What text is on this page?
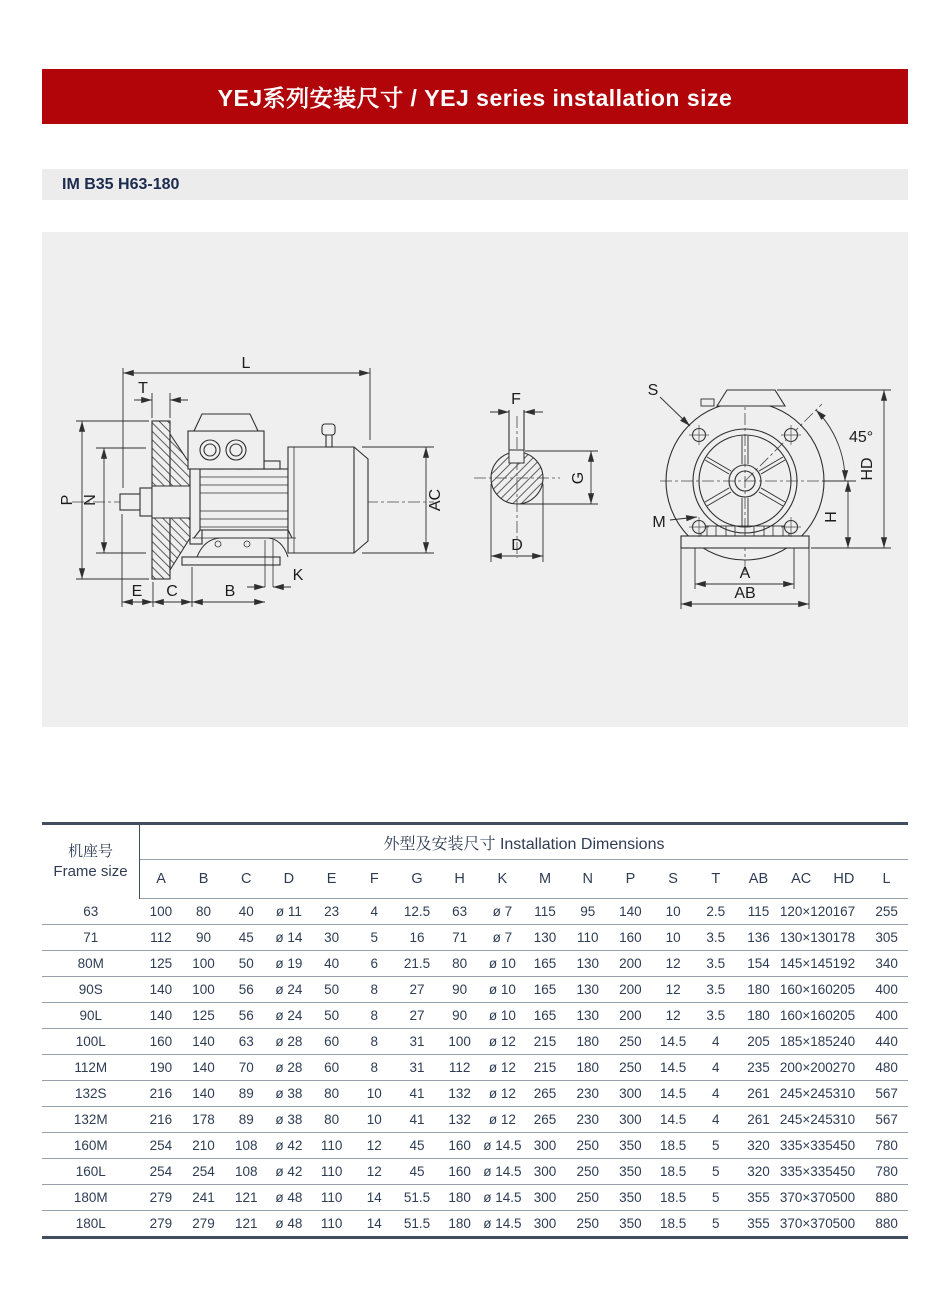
YEJ系列安装尺寸 / YEJ series installation size
IM B35 H63-180
L
T
P N
E C	B
K
AC
F
G
D
S
M
45°
HD
H
A
AB
机座号
Frame size	外型及安装尺寸 Installation Dimensions																	
	A	B	C	D	E	F	G	H	K	M	N	P	S	T	AB	AC	HD	L
63	100	80	40	ø 11	23	4	12.5	63	ø 7	115	95	140	10	2.5	115	120×120	167	255
71	112	90	45	ø 14	30	5	16	71	ø 7	130	110	160	10	3.5	136	130×130	178	305
80M	125	100	50	ø 19	40	6	21.5	80	ø 10	165	130	200	12	3.5	154	145×145	192	340
90S	140	100	56	ø 24	50	8	27	90	ø 10	165	130	200	12	3.5	180	160×160	205	400
90L	140	125	56	ø 24	50	8	27	90	ø 10	165	130	200	12	3.5	180	160×160	205	400
100L	160	140	63	ø 28	60	8	31	100	ø 12	215	180	250	14.5	4	205	185×185	240	440
112M	190	140	70	ø 28	60	8	31	112	ø 12	215	180	250	14.5	4	235	200×200	270	480
132S	216	140	89	ø 38	80	10	41	132	ø 12	265	230	300	14.5	4	261	245×245	310	567
132M	216	178	89	ø 38	80	10	41	132	ø 12	265	230	300	14.5	4	261	245×245	310	567
160M	254	210	108	ø 42	110	12	45	160	ø 14.5	300	250	350	18.5	5	320	335×335	450	780
160L	254	254	108	ø 42	110	12	45	160	ø 14.5	300	250	350	18.5	5	320	335×335	450	780
180M	279	241	121	ø 48	110	14	51.5	180	ø 14.5	300	250	350	18.5	5	355	370×370	500	880
180L	279	279	121	ø 48	110	14	51.5	180	ø 14.5	300	250	350	18.5	5	355	370×370	500	880
